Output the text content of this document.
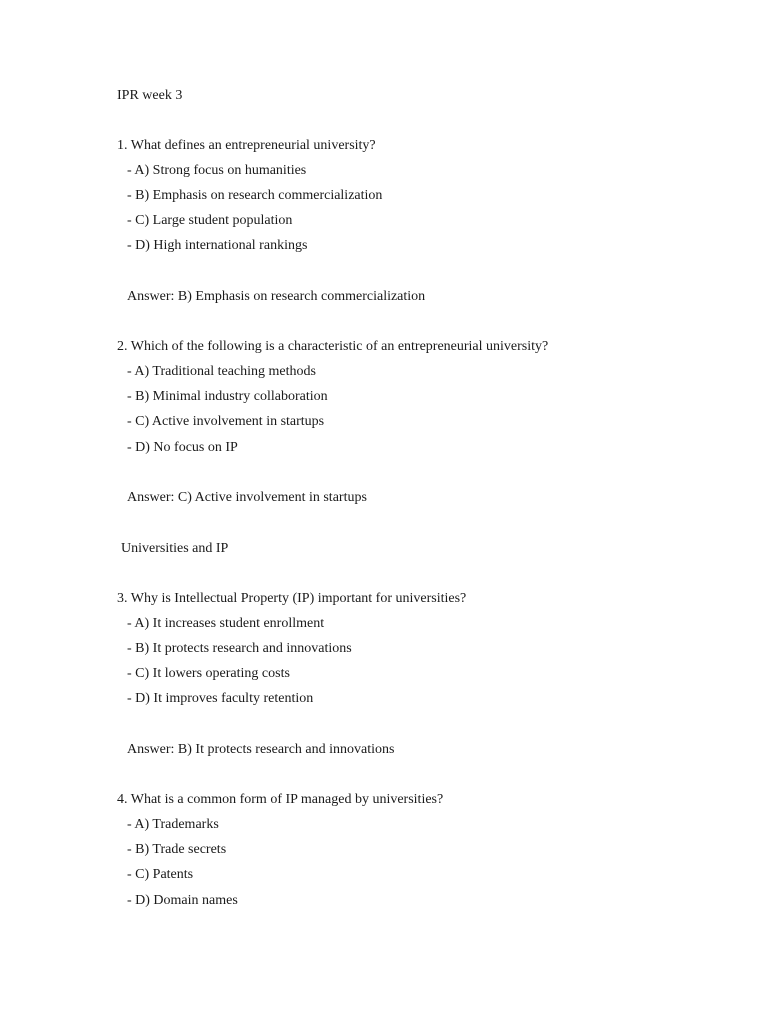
IPR week 3
1. What defines an entrepreneurial university?
- A) Strong focus on humanities
- B) Emphasis on research commercialization
- C) Large student population
- D) High international rankings
Answer: B) Emphasis on research commercialization
2. Which of the following is a characteristic of an entrepreneurial university?
- A) Traditional teaching methods
- B) Minimal industry collaboration
- C) Active involvement in startups
- D) No focus on IP
Answer: C) Active involvement in startups
Universities and IP
3. Why is Intellectual Property (IP) important for universities?
- A) It increases student enrollment
- B) It protects research and innovations
- C) It lowers operating costs
- D) It improves faculty retention
Answer: B) It protects research and innovations
4. What is a common form of IP managed by universities?
- A) Trademarks
- B) Trade secrets
- C) Patents
- D) Domain names
